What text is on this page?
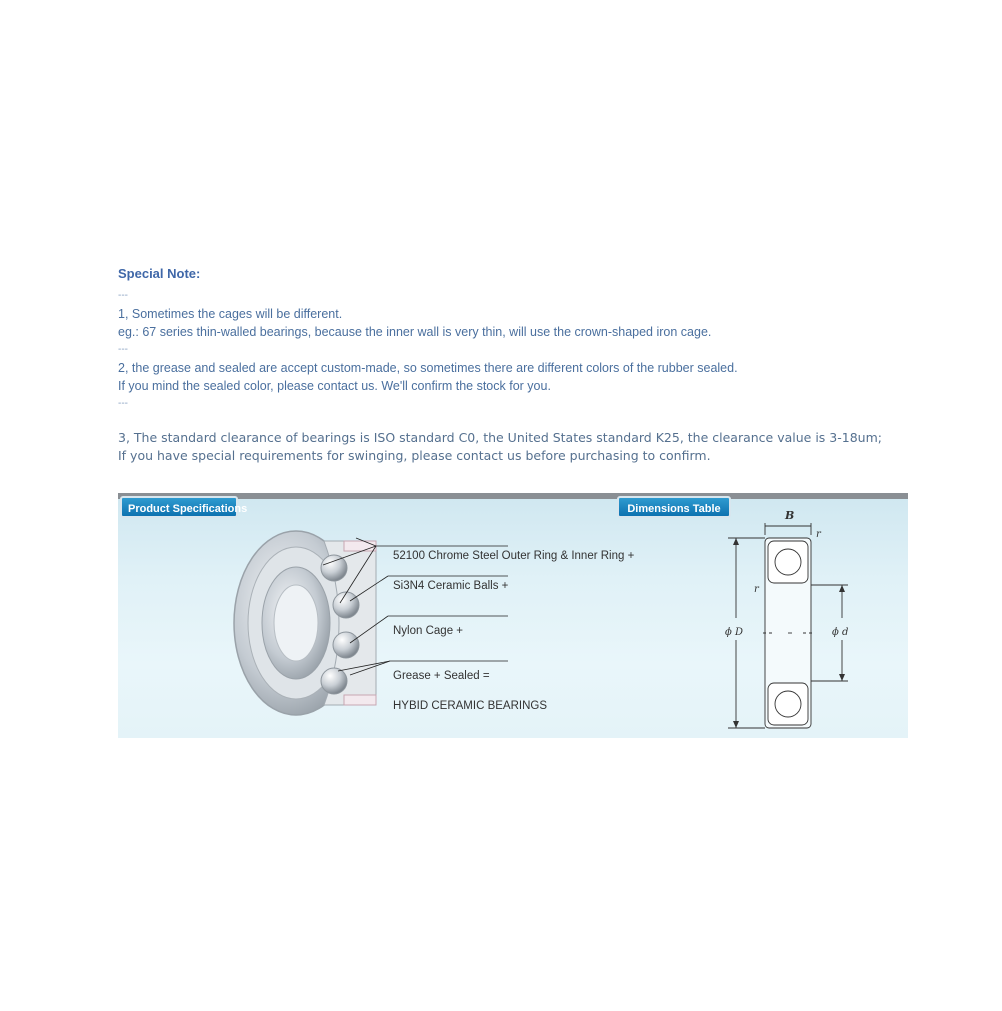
Special Note:
---
1, Sometimes the cages will be different.
eg.: 67 series thin-walled bearings, because the inner wall is very thin, will use the crown-shaped iron cage.
---
2, the grease and sealed are accept custom-made, so sometimes there are different colors of the rubber sealed.
If you mind the sealed color, please contact us. We'll confirm the stock for you.
---
3, The standard clearance of bearings is ISO standard C0, the United States standard K25, the clearance value is 3-18um;
If you have special requirements for swinging, please contact us before purchasing to confirm.
Product Specifications	Dimensions Table
52100 Chrome Steel Outer Ring & Inner Ring +
Si3N4 Ceramic Balls +
Nylon Cage +
Grease + Sealed =
HYBID CERAMIC BEARINGS
B
r
r
ϕ D	ϕ d
